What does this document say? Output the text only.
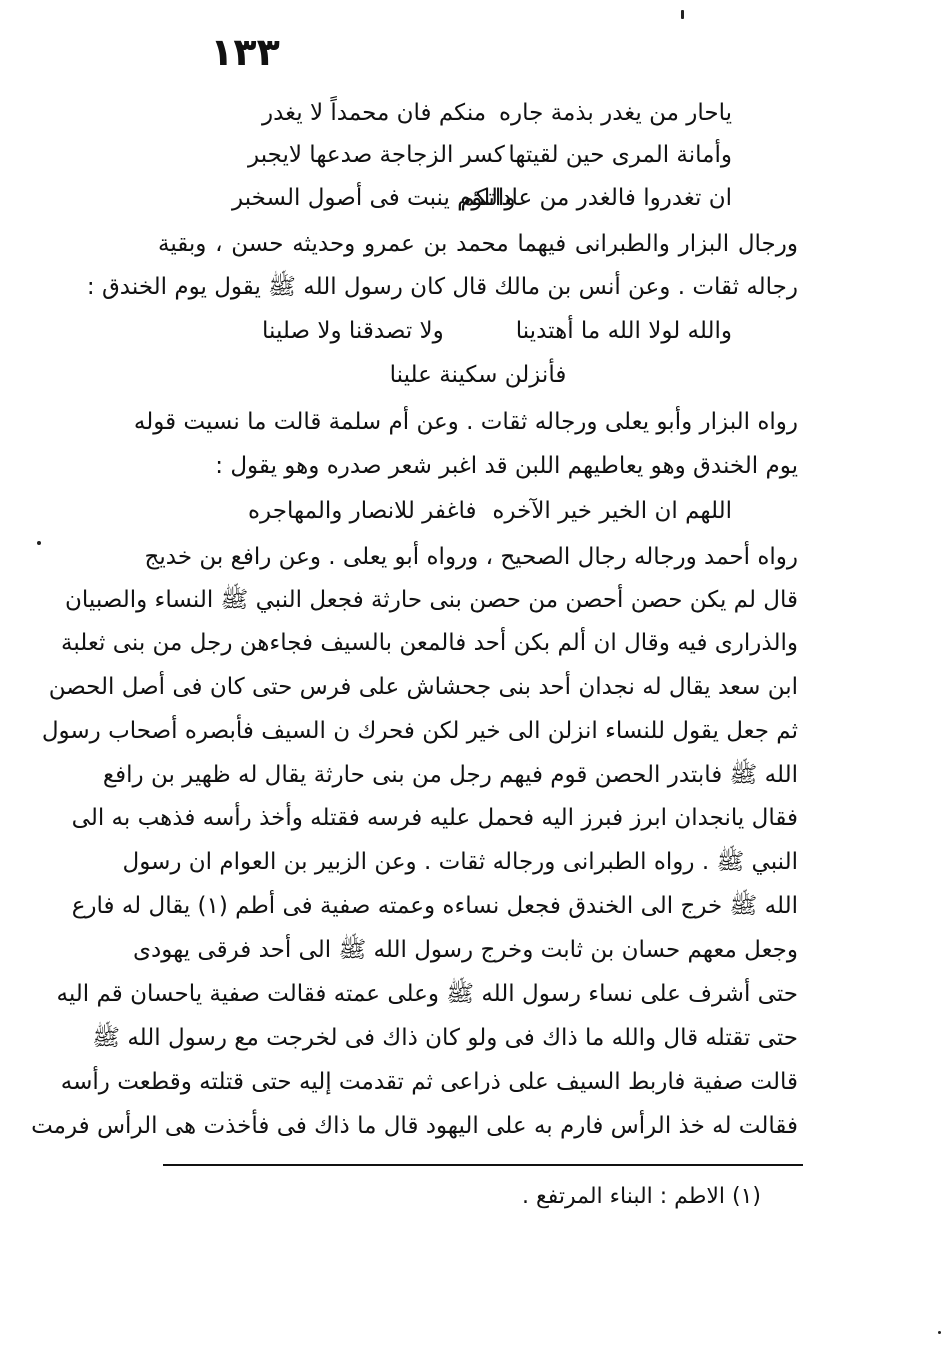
١٣٣
ياحار من يغدر بذمة جاره
منكم فان محمداً لا يغدر
وأمانة المرى حين لقيتها
كسر الزجاجة صدعها لايجبر
ان تغدروا فالغدر من عاداتكم
واللؤم ينبت فى أصول السخبر
ورجال البزار والطبرانى فيهما محمد بن عمرو وحديثه حسن ، وبقية
رجاله ثقات . وعن أنس بن مالك قال كان رسول الله ﷺ يقول يوم الخندق :
والله لولا الله ما أهتدينا
ولا تصدقنا ولا صلينا
فأنزلن سكينة علينا
رواه البزار وأبو يعلى ورجاله ثقات . وعن أم سلمة قالت ما نسيت قوله
يوم الخندق وهو يعاطيهم اللبن قد اغبر شعر صدره وهو يقول :
اللهم ان الخير خير الآخره
فاغفر للانصار والمهاجره
رواه أحمد ورجاله رجال الصحيح ، ورواه أبو يعلى . وعن رافع بن خديج
قال لم يكن حصن أحصن من حصن بنى حارثة فجعل النبي ﷺ النساء والصبيان
والذرارى فيه وقال ان ألم بكن أحد فالمعن بالسيف فجاءهن رجل من بنى ثعلبة
ابن سعد يقال له نجدان أحد بنى جحشاش على فرس حتى كان فى أصل الحصن
ثم جعل يقول للنساء انزلن الى خير لكن فحرك ن السيف فأبصره أصحاب رسول
الله ﷺ فابتدر الحصن قوم فيهم رجل من بنى حارثة يقال له ظهير بن رافع
فقال يانجدان ابرز فبرز اليه فحمل عليه فرسه فقتله وأخذ رأسه فذهب به الى
النبي ﷺ . رواه الطبرانى ورجاله ثقات . وعن الزبير بن العوام ان رسول
الله ﷺ خرج الى الخندق فجعل نساءه وعمته صفية فى أطم (١) يقال له فارع
وجعل معهم حسان بن ثابت وخرج رسول الله ﷺ الى أحد فرقى يهودى
حتى أشرف على نساء رسول الله ﷺ وعلى عمته فقالت صفية ياحسان قم اليه
حتى تقتله قال والله ما ذاك فى ولو كان ذاك فى لخرجت مع رسول الله ﷺ
قالت صفية فاربط السيف على ذراعى ثم تقدمت إليه حتى قتلته وقطعت رأسه
فقالت له خذ الرأس فارم به على اليهود قال ما ذاك فى فأخذت هى الرأس فرمت
(١) الاطم : البناء المرتفع .
